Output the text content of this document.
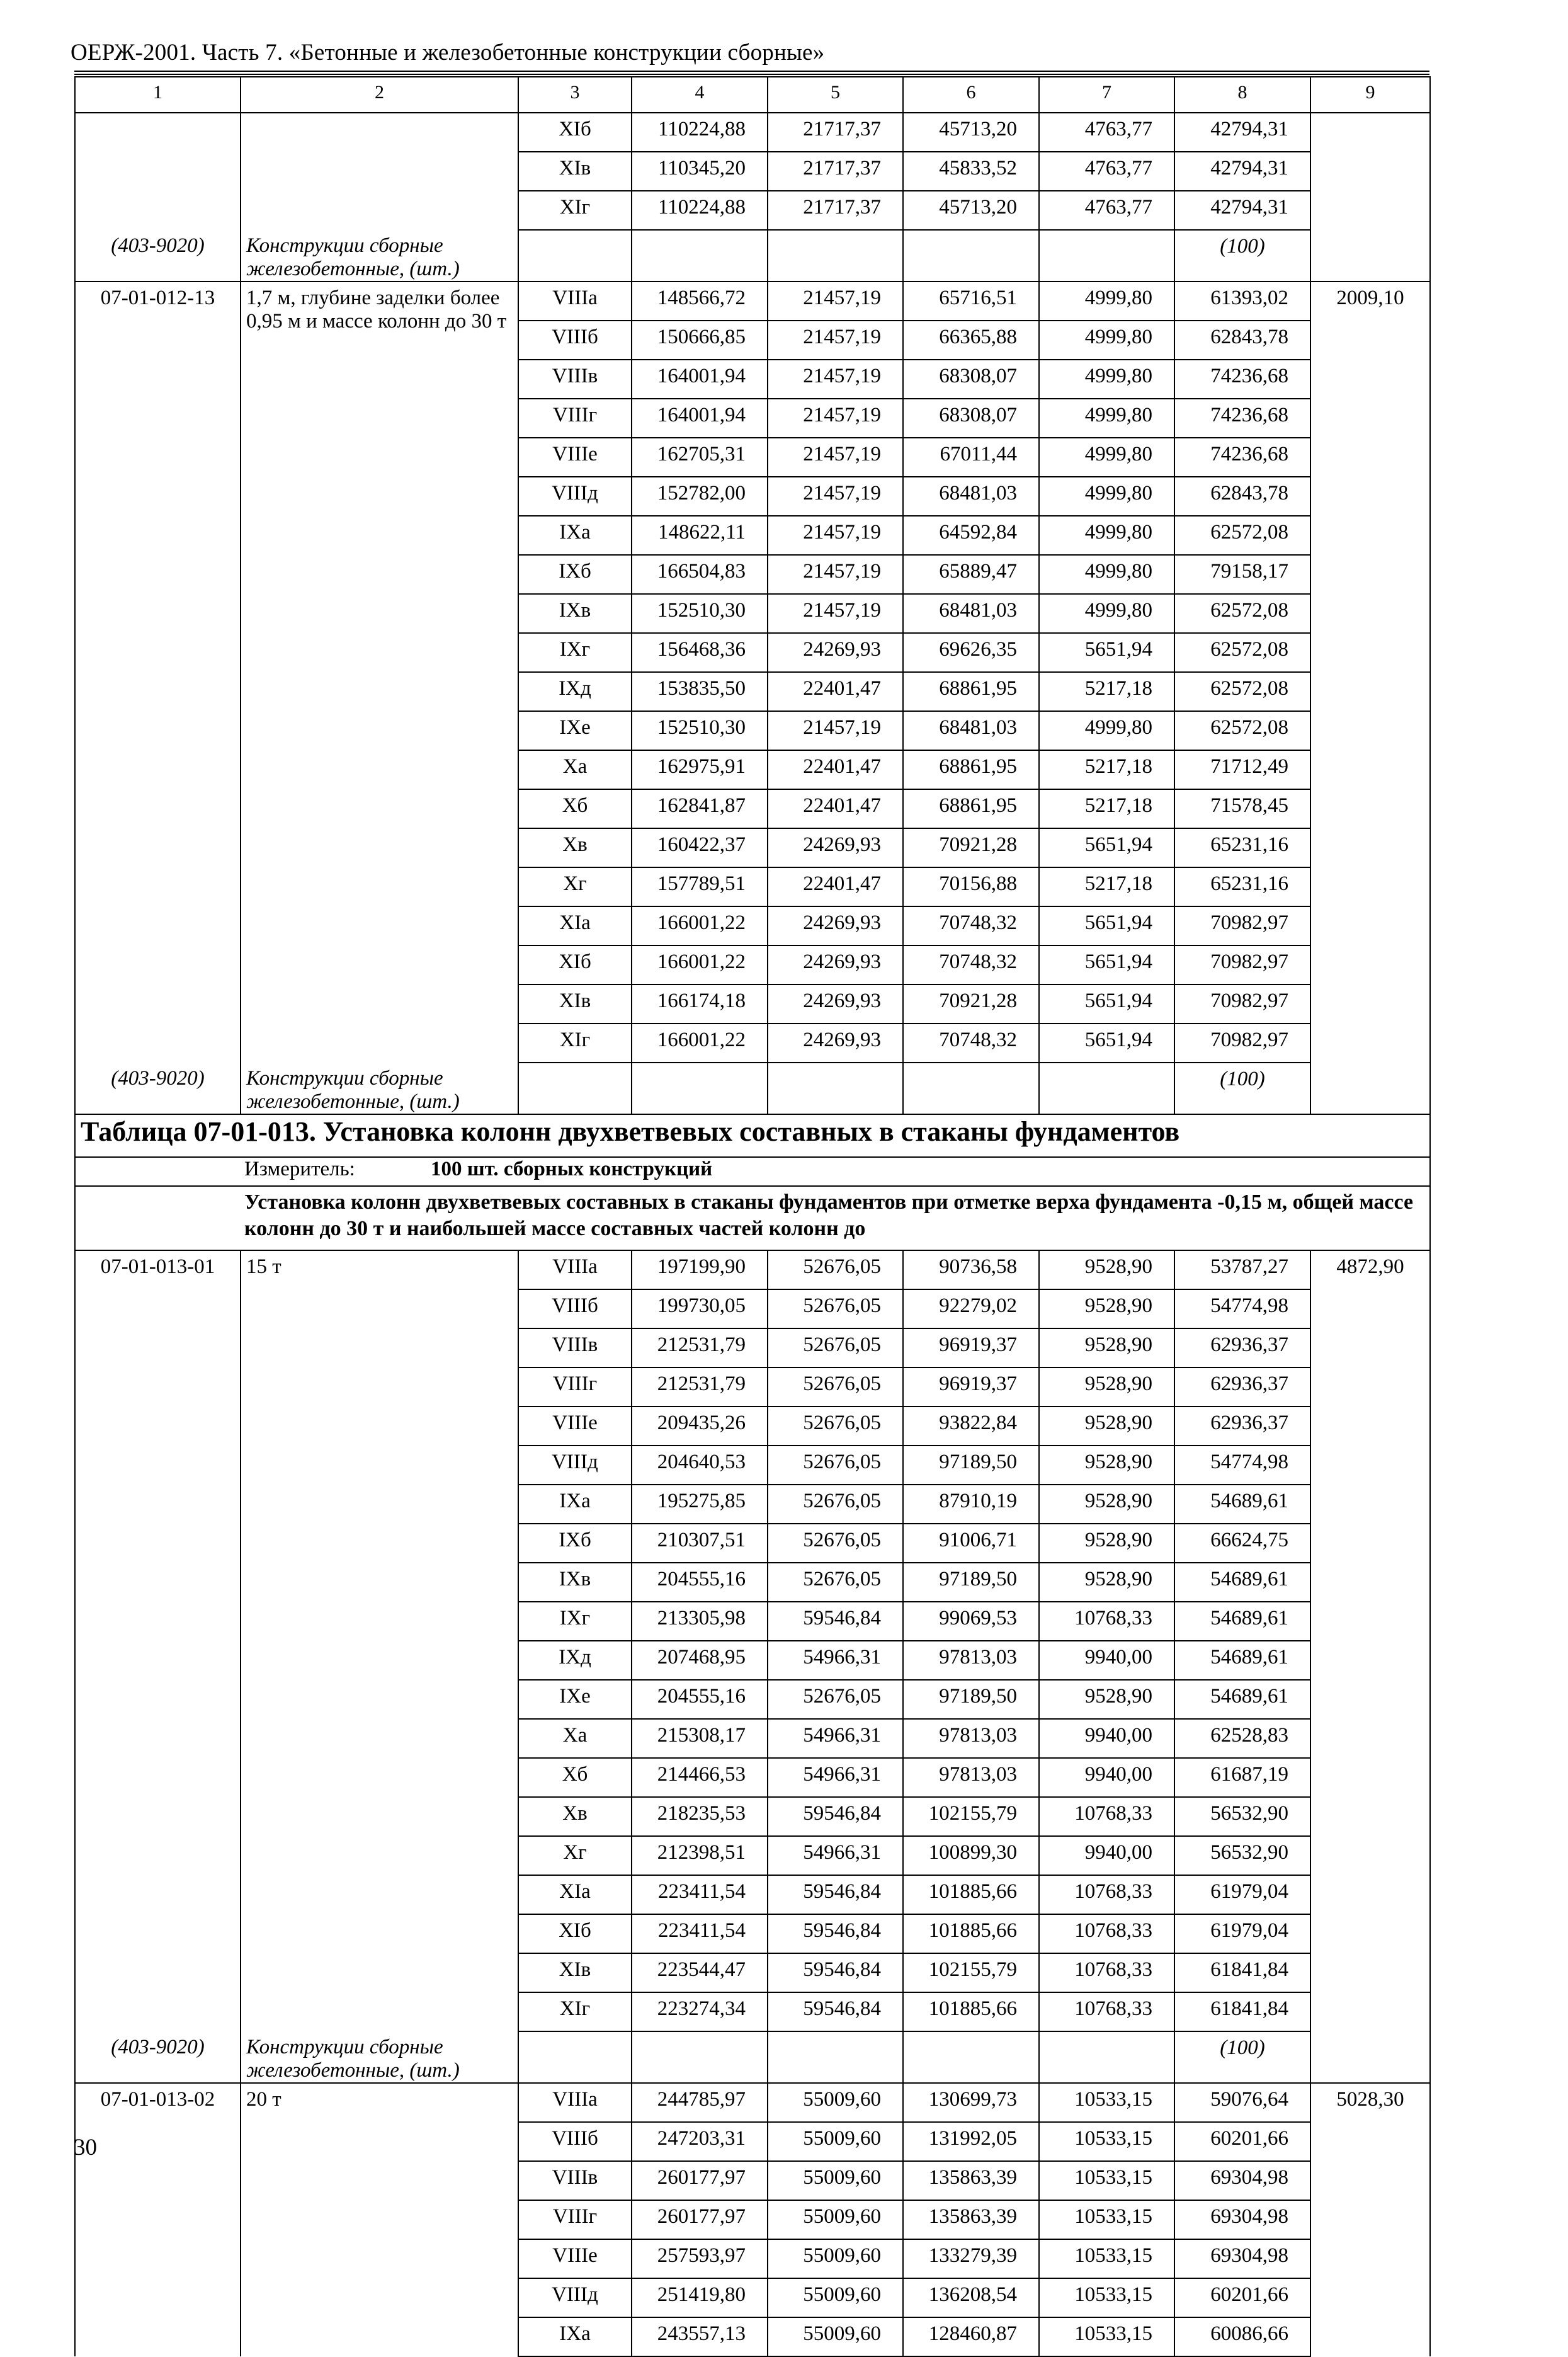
ОЕРЖ-2001. Часть 7. «Бетонные и железобетонные конструкции сборные»
1	2	3	4	5	6	7	8	9
		XIб	110224,88	21717,37	45713,20	4763,77	42794,31	
		XIв	110345,20	21717,37	45833,52	4763,77	42794,31	
		XIг	110224,88	21717,37	45713,20	4763,77	42794,31	
(403-9020)	Конструкции сборные железобетонные, (шт.)						(100)	
07-01-012-13	1,7 м, глубине заделки более 0,95 м и массе колонн до 30 т	VIIIа	148566,72	21457,19	65716,51	4999,80	61393,02	2009,10
		VIIIб	150666,85	21457,19	66365,88	4999,80	62843,78	
		VIIIв	164001,94	21457,19	68308,07	4999,80	74236,68	
		VIIIг	164001,94	21457,19	68308,07	4999,80	74236,68	
		VIIIе	162705,31	21457,19	67011,44	4999,80	74236,68	
		VIIIд	152782,00	21457,19	68481,03	4999,80	62843,78	
		IXа	148622,11	21457,19	64592,84	4999,80	62572,08	
		IXб	166504,83	21457,19	65889,47	4999,80	79158,17	
		IXв	152510,30	21457,19	68481,03	4999,80	62572,08	
		IXг	156468,36	24269,93	69626,35	5651,94	62572,08	
		IXд	153835,50	22401,47	68861,95	5217,18	62572,08	
		IXе	152510,30	21457,19	68481,03	4999,80	62572,08	
		Xа	162975,91	22401,47	68861,95	5217,18	71712,49	
		Xб	162841,87	22401,47	68861,95	5217,18	71578,45	
		Xв	160422,37	24269,93	70921,28	5651,94	65231,16	
		Xг	157789,51	22401,47	70156,88	5217,18	65231,16	
		XIа	166001,22	24269,93	70748,32	5651,94	70982,97	
		XIб	166001,22	24269,93	70748,32	5651,94	70982,97	
		XIв	166174,18	24269,93	70921,28	5651,94	70982,97	
		XIг	166001,22	24269,93	70748,32	5651,94	70982,97	
(403-9020)	Конструкции сборные железобетонные, (шт.)						(100)	
Таблица 07-01-013. Установка колонн двухветвевых составных в стаканы фундаментов								
Измеритель: 100 шт. сборных конструкций								
Установка колонн двухветвевых составных в стаканы фундаментов при отметке верха фундамента -0,15 м, общей массе колонн до 30 т и наибольшей массе составных частей колонн до								
07-01-013-01	15 т	VIIIа	197199,90	52676,05	90736,58	9528,90	53787,27	4872,90
		VIIIб	199730,05	52676,05	92279,02	9528,90	54774,98	
		VIIIв	212531,79	52676,05	96919,37	9528,90	62936,37	
		VIIIг	212531,79	52676,05	96919,37	9528,90	62936,37	
		VIIIе	209435,26	52676,05	93822,84	9528,90	62936,37	
		VIIIд	204640,53	52676,05	97189,50	9528,90	54774,98	
		IXа	195275,85	52676,05	87910,19	9528,90	54689,61	
		IXб	210307,51	52676,05	91006,71	9528,90	66624,75	
		IXв	204555,16	52676,05	97189,50	9528,90	54689,61	
		IXг	213305,98	59546,84	99069,53	10768,33	54689,61	
		IXд	207468,95	54966,31	97813,03	9940,00	54689,61	
		IXе	204555,16	52676,05	97189,50	9528,90	54689,61	
		Xа	215308,17	54966,31	97813,03	9940,00	62528,83	
		Xб	214466,53	54966,31	97813,03	9940,00	61687,19	
		Xв	218235,53	59546,84	102155,79	10768,33	56532,90	
		Xг	212398,51	54966,31	100899,30	9940,00	56532,90	
		XIа	223411,54	59546,84	101885,66	10768,33	61979,04	
		XIб	223411,54	59546,84	101885,66	10768,33	61979,04	
		XIв	223544,47	59546,84	102155,79	10768,33	61841,84	
		XIг	223274,34	59546,84	101885,66	10768,33	61841,84	
(403-9020)	Конструкции сборные железобетонные, (шт.)						(100)	
07-01-013-02	20 т	VIIIа	244785,97	55009,60	130699,73	10533,15	59076,64	5028,30
		VIIIб	247203,31	55009,60	131992,05	10533,15	60201,66	
		VIIIв	260177,97	55009,60	135863,39	10533,15	69304,98	
		VIIIг	260177,97	55009,60	135863,39	10533,15	69304,98	
		VIIIе	257593,97	55009,60	133279,39	10533,15	69304,98	
		VIIIд	251419,80	55009,60	136208,54	10533,15	60201,66	
		IXа	243557,13	55009,60	128460,87	10533,15	60086,66	
30
